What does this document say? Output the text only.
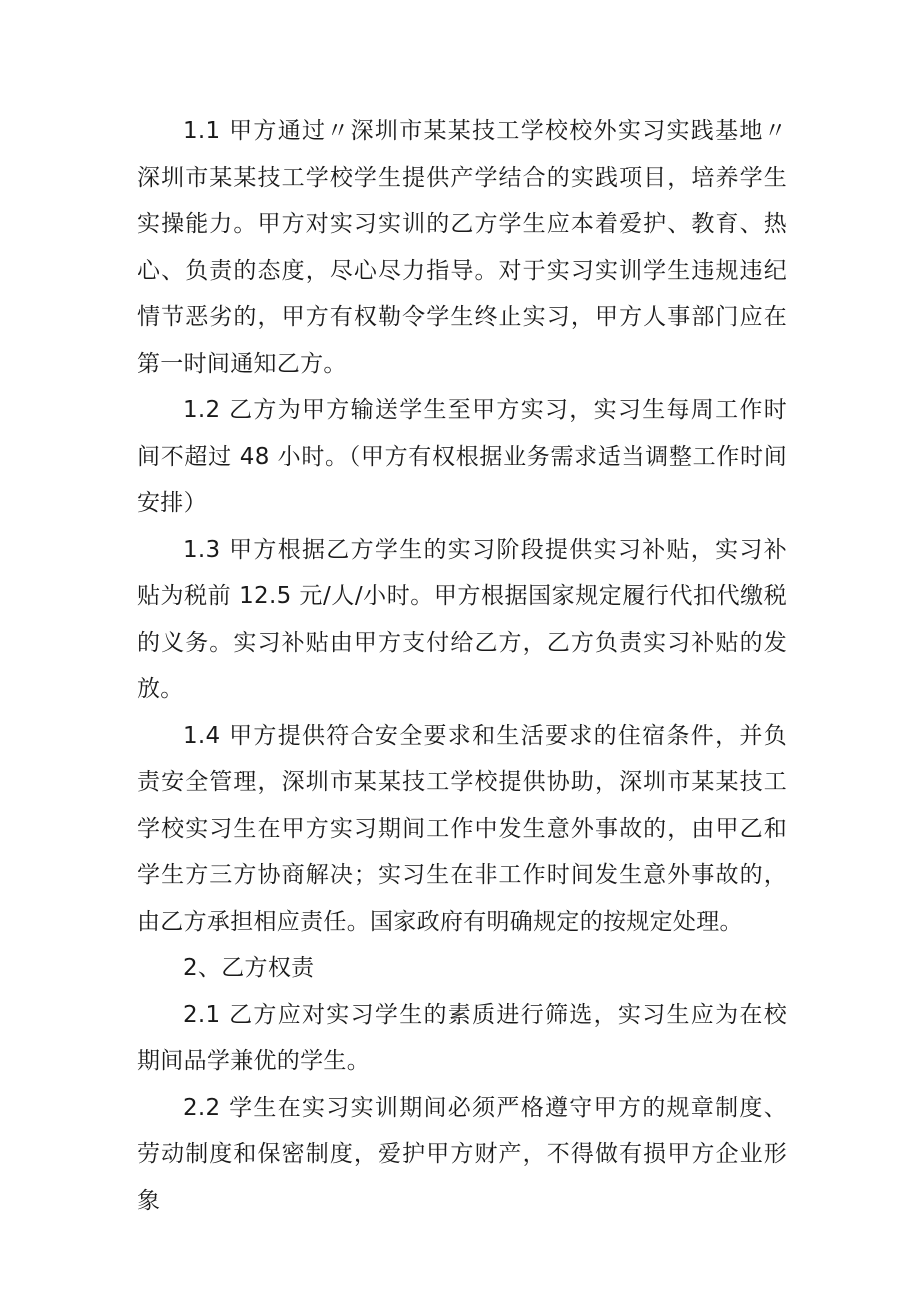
1.1 甲方通过〃深圳市某某技工学校校外实习实践基地〃深圳市某某技工学校学生提供产学结合的实践项目，培养学生实操能力。甲方对实习实训的乙方学生应本着爱护、教育、热心、负责的态度，尽心尽力指导。对于实习实训学生违规违纪情节恶劣的，甲方有权勒令学生终止实习，甲方人事部门应在第一时间通知乙方。

1.2 乙方为甲方输送学生至甲方实习，实习生每周工作时间不超过 48 小时。（甲方有权根据业务需求适当调整工作时间安排）

1.3 甲方根据乙方学生的实习阶段提供实习补贴，实习补贴为税前 12.5 元/人/小时。甲方根据国家规定履行代扣代缴税的义务。实习补贴由甲方支付给乙方，乙方负责实习补贴的发放。

1.4 甲方提供符合安全要求和生活要求的住宿条件，并负责安全管理，深圳市某某技工学校提供协助，深圳市某某技工学校实习生在甲方实习期间工作中发生意外事故的，由甲乙和学生方三方协商解决；实习生在非工作时间发生意外事故的，由乙方承担相应责任。国家政府有明确规定的按规定处理。

2、乙方权责

2.1 乙方应对实习学生的素质进行筛选，实习生应为在校期间品学兼优的学生。

2.2 学生在实习实训期间必须严格遵守甲方的规章制度、劳动制度和保密制度，爱护甲方财产，不得做有损甲方企业形象
